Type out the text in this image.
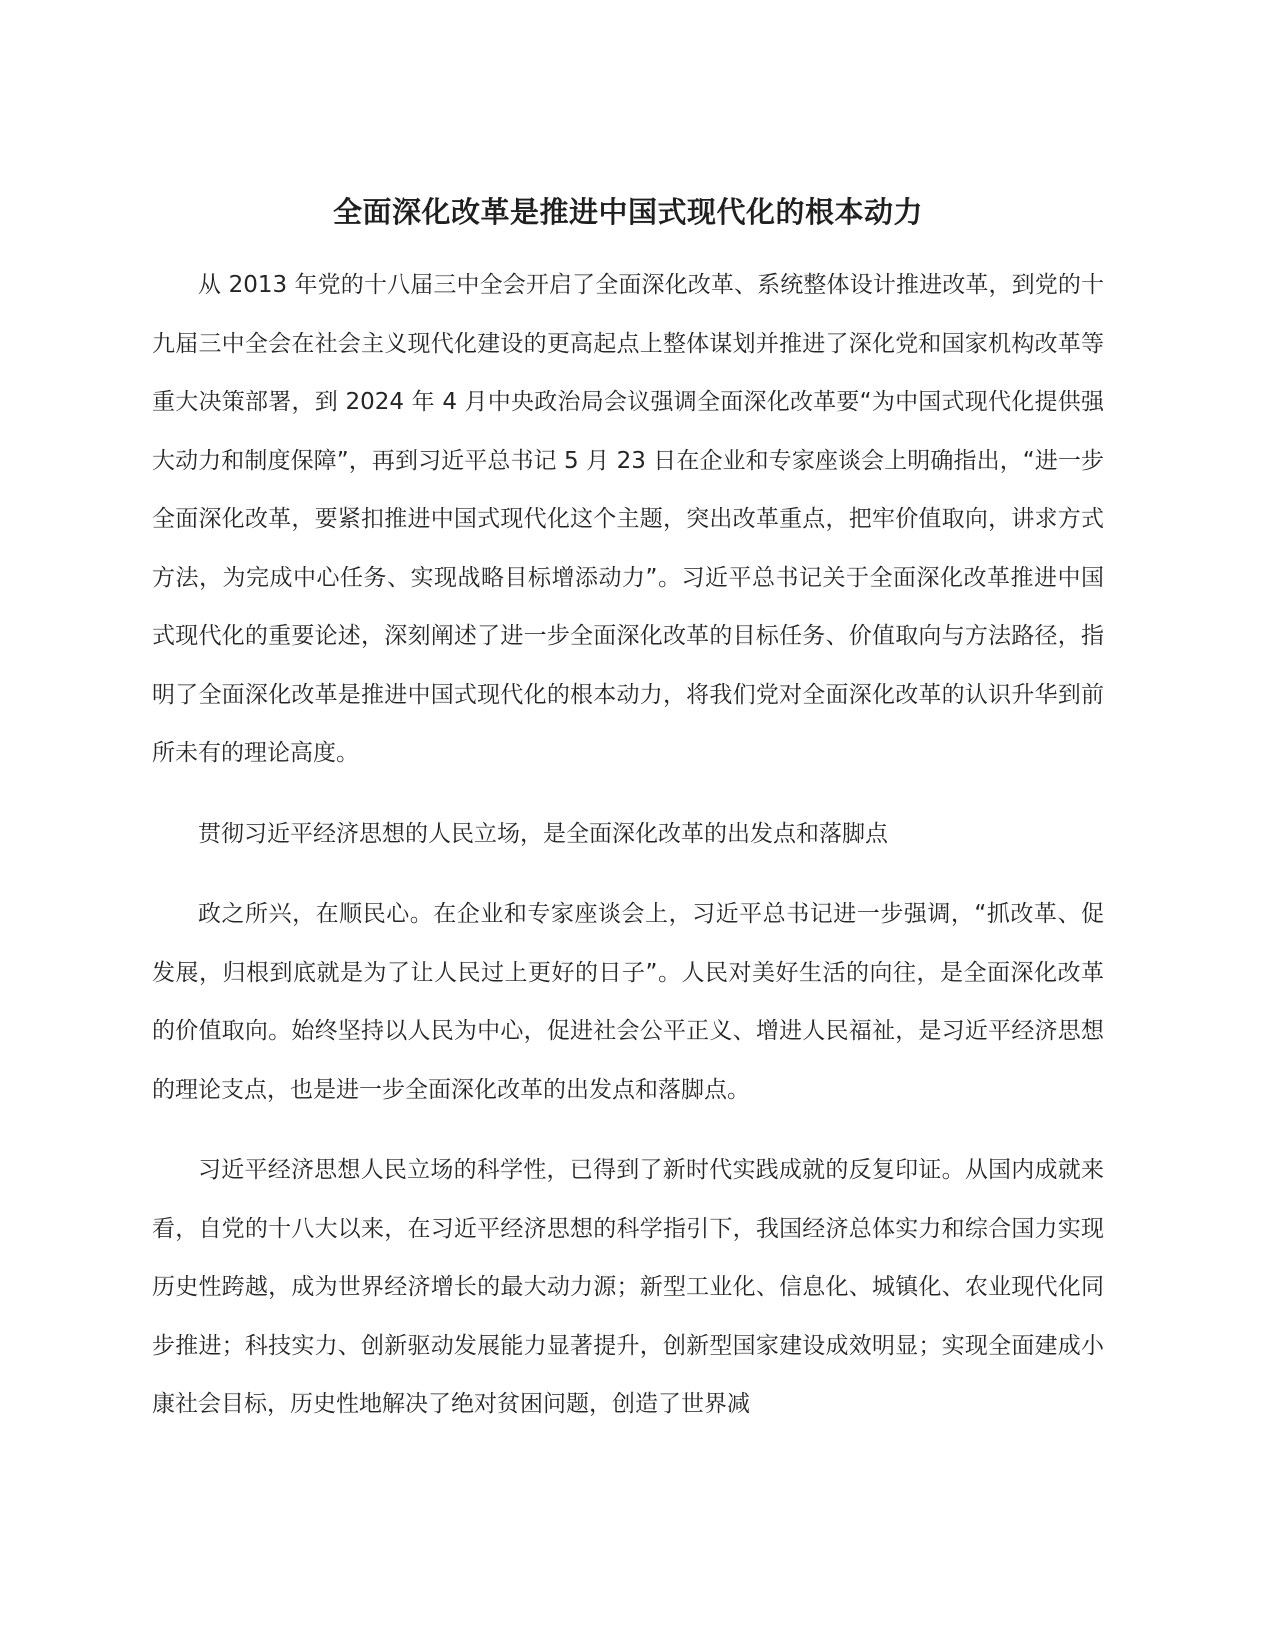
全面深化改革是推进中国式现代化的根本动力

从 2013 年党的十八届三中全会开启了全面深化改革、系统整体设计推进改革，到党的十九届三中全会在社会主义现代化建设的更高起点上整体谋划并推进了深化党和国家机构改革等重大决策部署，到 2024 年 4 月中央政治局会议强调全面深化改革要“为中国式现代化提供强大动力和制度保障”，再到习近平总书记 5 月 23 日在企业和专家座谈会上明确指出，“进一步全面深化改革，要紧扣推进中国式现代化这个主题，突出改革重点，把牢价值取向，讲求方式方法，为完成中心任务、实现战略目标增添动力”。习近平总书记关于全面深化改革推进中国式现代化的重要论述，深刻阐述了进一步全面深化改革的目标任务、价值取向与方法路径，指明了全面深化改革是推进中国式现代化的根本动力，将我们党对全面深化改革的认识升华到前所未有的理论高度。

贯彻习近平经济思想的人民立场，是全面深化改革的出发点和落脚点

政之所兴，在顺民心。在企业和专家座谈会上，习近平总书记进一步强调，“抓改革、促发展，归根到底就是为了让人民过上更好的日子”。人民对美好生活的向往，是全面深化改革的价值取向。始终坚持以人民为中心，促进社会公平正义、增进人民福祉，是习近平经济思想的理论支点，也是进一步全面深化改革的出发点和落脚点。

习近平经济思想人民立场的科学性，已得到了新时代实践成就的反复印证。从国内成就来看，自党的十八大以来，在习近平经济思想的科学指引下，我国经济总体实力和综合国力实现历史性跨越，成为世界经济增长的最大动力源；新型工业化、信息化、城镇化、农业现代化同步推进；科技实力、创新驱动发展能力显著提升，创新型国家建设成效明显；实现全面建成小康社会目标，历史性地解决了绝对贫困问题，创造了世界减
